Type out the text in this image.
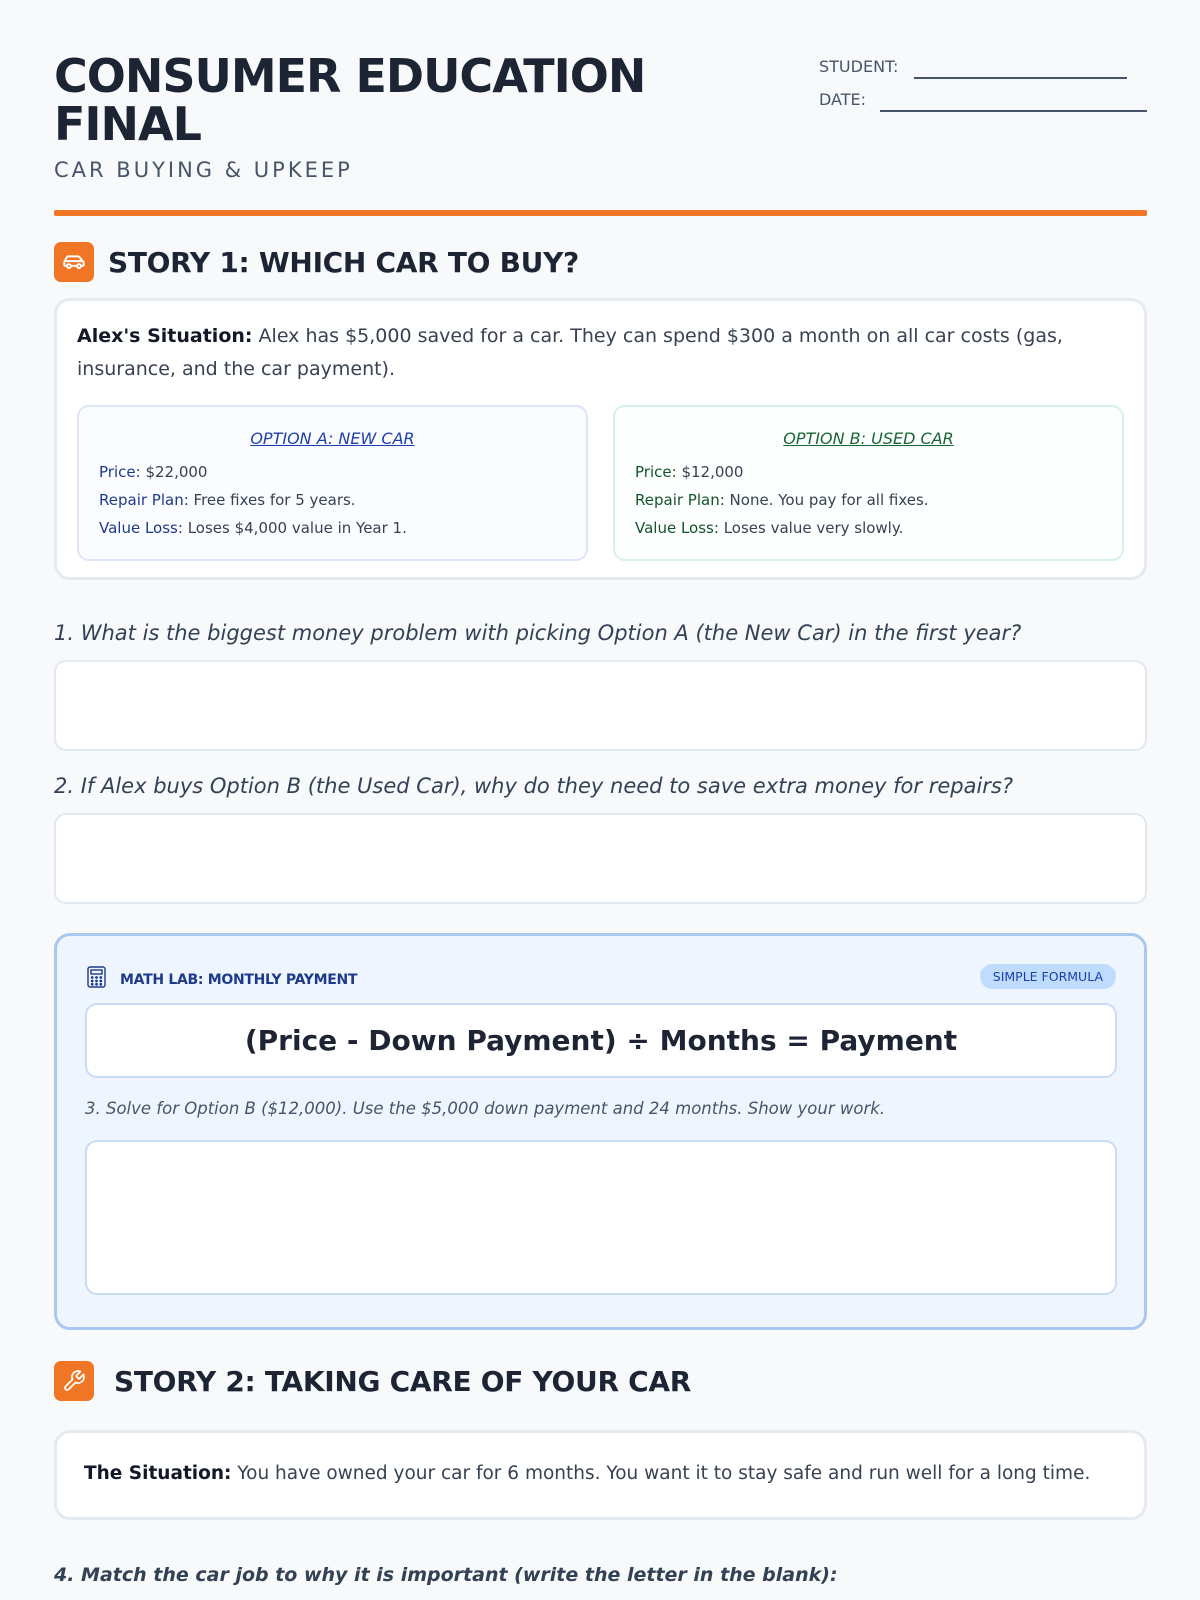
CONSUMER EDUCATION FINAL
CAR BUYING & UPKEEP
STUDENT:
DATE:
STORY 1: WHICH CAR TO BUY?

Alex's Situation: Alex has $5,000 saved for a car. They can spend $300 a month on all car costs (gas, insurance, and the car payment).

OPTION A: NEW CAR
Price: $22,000
Repair Plan: Free fixes for 5 years.
Value Loss: Loses $4,000 value in Year 1.
OPTION B: USED CAR
Price: $12,000
Repair Plan: None. You pay for all fixes.
Value Loss: Loses value very slowly.
1. What is the biggest money problem with picking Option A (the New Car) in the first year?
2. If Alex buys Option B (the Used Car), why do they need to save extra money for repairs?
MATH LAB: MONTHLY PAYMENT	SIMPLE FORMULA
(Price - Down Payment) ÷ Months = Payment
3. Solve for Option B ($12,000). Use the $5,000 down payment and 24 months. Show your work.
STORY 2: TAKING CARE OF YOUR CAR
The Situation: You have owned your car for 6 months. You want it to stay safe and run well for a long time.
4. Match the car job to why it is important (write the letter in the blank):
